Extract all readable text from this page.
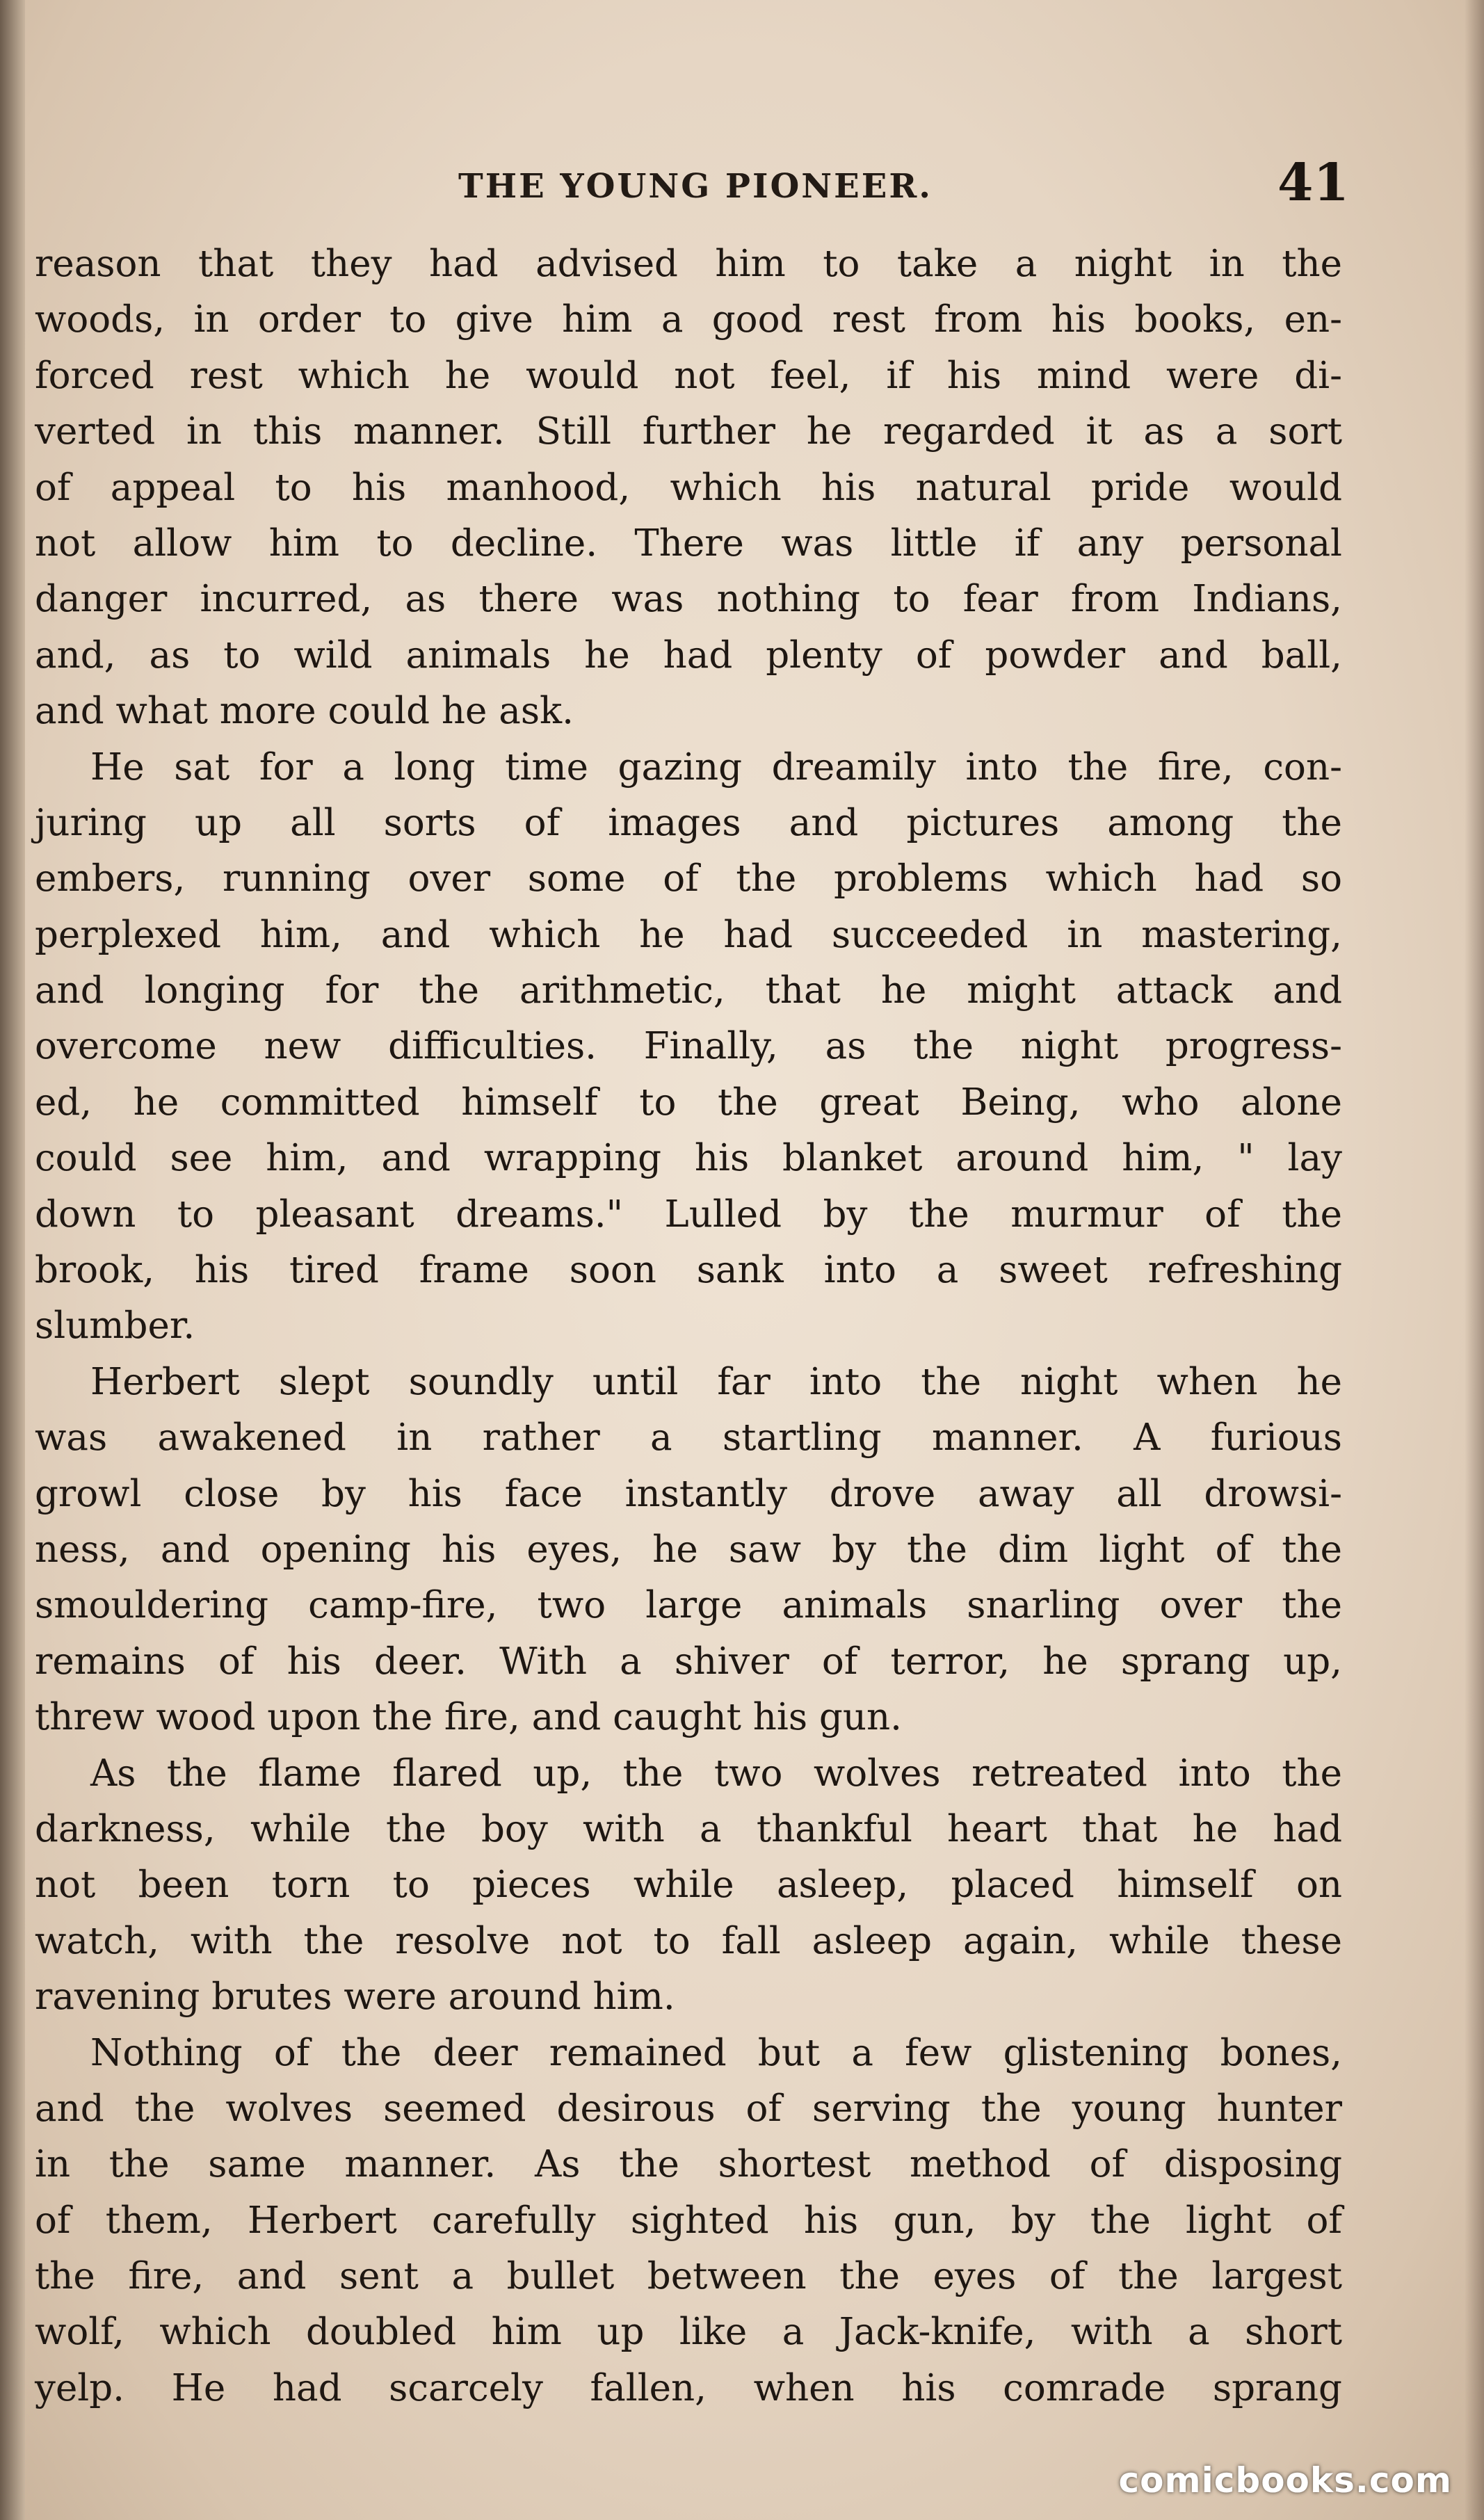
THE YOUNG PIONEER.	41
reason that they had advised him to take a night in the
woods, in order to give him a good rest from his books, en-
forced rest which he would not feel, if his mind were di-
verted in this manner. Still further he regarded it as a sort
of appeal to his manhood, which his natural pride would
not allow him to decline. There was little if any personal
danger incurred, as there was nothing to fear from Indians,
and, as to wild animals he had plenty of powder and ball,
and what more could he ask.
He sat for a long time gazing dreamily into the fire, con-
juring up all sorts of images and pictures among the
embers, running over some of the problems which had so
perplexed him, and which he had succeeded in mastering,
and longing for the arithmetic, that he might attack and
overcome new difficulties. Finally, as the night progress-
ed, he committed himself to the great Being, who alone
could see him, and wrapping his blanket around him, " lay
down to pleasant dreams." Lulled by the murmur of the
brook, his tired frame soon sank into a sweet refreshing
slumber.
Herbert slept soundly until far into the night when he
was awakened in rather a startling manner. A furious
growl close by his face instantly drove away all drowsi-
ness, and opening his eyes, he saw by the dim light of the
smouldering camp-fire, two large animals snarling over the
remains of his deer. With a shiver of terror, he sprang up,
threw wood upon the fire, and caught his gun.
As the flame flared up, the two wolves retreated into the
darkness, while the boy with a thankful heart that he had
not been torn to pieces while asleep, placed himself on
watch, with the resolve not to fall asleep again, while these
ravening brutes were around him.
Nothing of the deer remained but a few glistening bones,
and the wolves seemed desirous of serving the young hunter
in the same manner. As the shortest method of disposing
of them, Herbert carefully sighted his gun, by the light of
the fire, and sent a bullet between the eyes of the largest
wolf, which doubled him up like a Jack-knife, with a short
yelp. He had scarcely fallen, when his comrade sprang
comicbooks.com
